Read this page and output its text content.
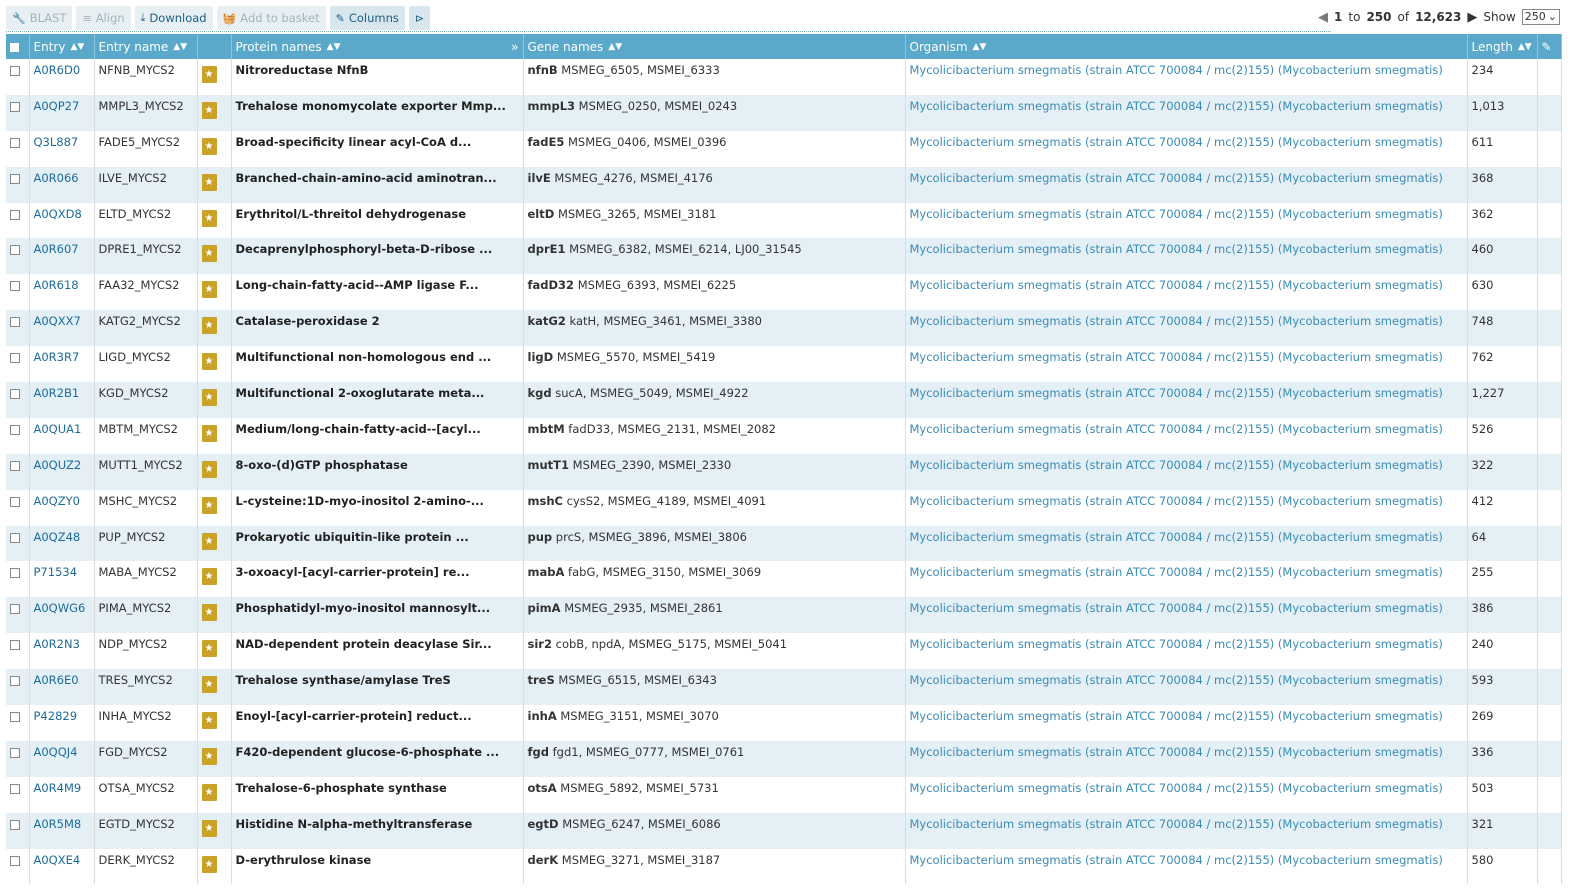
🔧 BLAST ≡ Align ⤓ Download 🧺 Add to basket ✎ Columns ⊳	◀ 1 to 250 of 12,623 ▶ Show 250 ⌄
	Entry ▲▼	Entry name ▲▼		Protein names ▲▼ »	Gene names ▲▼	Organism ▲▼	Length ▲▼	✎
	A0R6D0	NFNB_MYCS2	★	Nitroreductase NfnB	nfnB MSMEG_6505, MSMEI_6333	Mycolicibacterium smegmatis (strain ATCC 700084 / mc(2)155) (Mycobacterium smegmatis)	234	
	A0QP27	MMPL3_MYCS2	★	Trehalose monomycolate exporter Mmp...	mmpL3 MSMEG_0250, MSMEI_0243	Mycolicibacterium smegmatis (strain ATCC 700084 / mc(2)155) (Mycobacterium smegmatis)	1,013	
	Q3L887	FADE5_MYCS2	★	Broad-specificity linear acyl-CoA d...	fadE5 MSMEG_0406, MSMEI_0396	Mycolicibacterium smegmatis (strain ATCC 700084 / mc(2)155) (Mycobacterium smegmatis)	611	
	A0R066	ILVE_MYCS2	★	Branched-chain-amino-acid aminotran...	ilvE MSMEG_4276, MSMEI_4176	Mycolicibacterium smegmatis (strain ATCC 700084 / mc(2)155) (Mycobacterium smegmatis)	368	
	A0QXD8	ELTD_MYCS2	★	Erythritol/L-threitol dehydrogenase	eltD MSMEG_3265, MSMEI_3181	Mycolicibacterium smegmatis (strain ATCC 700084 / mc(2)155) (Mycobacterium smegmatis)	362	
	A0R607	DPRE1_MYCS2	★	Decaprenylphosphoryl-beta-D-ribose ...	dprE1 MSMEG_6382, MSMEI_6214, LJ00_31545	Mycolicibacterium smegmatis (strain ATCC 700084 / mc(2)155) (Mycobacterium smegmatis)	460	
	A0R618	FAA32_MYCS2	★	Long-chain-fatty-acid--AMP ligase F...	fadD32 MSMEG_6393, MSMEI_6225	Mycolicibacterium smegmatis (strain ATCC 700084 / mc(2)155) (Mycobacterium smegmatis)	630	
	A0QXX7	KATG2_MYCS2	★	Catalase-peroxidase 2	katG2 katH, MSMEG_3461, MSMEI_3380	Mycolicibacterium smegmatis (strain ATCC 700084 / mc(2)155) (Mycobacterium smegmatis)	748	
	A0R3R7	LIGD_MYCS2	★	Multifunctional non-homologous end ...	ligD MSMEG_5570, MSMEI_5419	Mycolicibacterium smegmatis (strain ATCC 700084 / mc(2)155) (Mycobacterium smegmatis)	762	
	A0R2B1	KGD_MYCS2	★	Multifunctional 2-oxoglutarate meta...	kgd sucA, MSMEG_5049, MSMEI_4922	Mycolicibacterium smegmatis (strain ATCC 700084 / mc(2)155) (Mycobacterium smegmatis)	1,227	
	A0QUA1	MBTM_MYCS2	★	Medium/long-chain-fatty-acid--[acyl...	mbtM fadD33, MSMEG_2131, MSMEI_2082	Mycolicibacterium smegmatis (strain ATCC 700084 / mc(2)155) (Mycobacterium smegmatis)	526	
	A0QUZ2	MUTT1_MYCS2	★	8-oxo-(d)GTP phosphatase	mutT1 MSMEG_2390, MSMEI_2330	Mycolicibacterium smegmatis (strain ATCC 700084 / mc(2)155) (Mycobacterium smegmatis)	322	
	A0QZY0	MSHC_MYCS2	★	L-cysteine:1D-myo-inositol 2-amino-...	mshC cysS2, MSMEG_4189, MSMEI_4091	Mycolicibacterium smegmatis (strain ATCC 700084 / mc(2)155) (Mycobacterium smegmatis)	412	
	A0QZ48	PUP_MYCS2	★	Prokaryotic ubiquitin-like protein ...	pup prcS, MSMEG_3896, MSMEI_3806	Mycolicibacterium smegmatis (strain ATCC 700084 / mc(2)155) (Mycobacterium smegmatis)	64	
	P71534	MABA_MYCS2	★	3-oxoacyl-[acyl-carrier-protein] re...	mabA fabG, MSMEG_3150, MSMEI_3069	Mycolicibacterium smegmatis (strain ATCC 700084 / mc(2)155) (Mycobacterium smegmatis)	255	
	A0QWG6	PIMA_MYCS2	★	Phosphatidyl-myo-inositol mannosylt...	pimA MSMEG_2935, MSMEI_2861	Mycolicibacterium smegmatis (strain ATCC 700084 / mc(2)155) (Mycobacterium smegmatis)	386	
	A0R2N3	NDP_MYCS2	★	NAD-dependent protein deacylase Sir...	sir2 cobB, npdA, MSMEG_5175, MSMEI_5041	Mycolicibacterium smegmatis (strain ATCC 700084 / mc(2)155) (Mycobacterium smegmatis)	240	
	A0R6E0	TRES_MYCS2	★	Trehalose synthase/amylase TreS	treS MSMEG_6515, MSMEI_6343	Mycolicibacterium smegmatis (strain ATCC 700084 / mc(2)155) (Mycobacterium smegmatis)	593	
	P42829	INHA_MYCS2	★	Enoyl-[acyl-carrier-protein] reduct...	inhA MSMEG_3151, MSMEI_3070	Mycolicibacterium smegmatis (strain ATCC 700084 / mc(2)155) (Mycobacterium smegmatis)	269	
	A0QQJ4	FGD_MYCS2	★	F420-dependent glucose-6-phosphate ...	fgd fgd1, MSMEG_0777, MSMEI_0761	Mycolicibacterium smegmatis (strain ATCC 700084 / mc(2)155) (Mycobacterium smegmatis)	336	
	A0R4M9	OTSA_MYCS2	★	Trehalose-6-phosphate synthase	otsA MSMEG_5892, MSMEI_5731	Mycolicibacterium smegmatis (strain ATCC 700084 / mc(2)155) (Mycobacterium smegmatis)	503	
	A0R5M8	EGTD_MYCS2	★	Histidine N-alpha-methyltransferase	egtD MSMEG_6247, MSMEI_6086	Mycolicibacterium smegmatis (strain ATCC 700084 / mc(2)155) (Mycobacterium smegmatis)	321	
	A0QXE4	DERK_MYCS2	★	D-erythrulose kinase	derK MSMEG_3271, MSMEI_3187	Mycolicibacterium smegmatis (strain ATCC 700084 / mc(2)155) (Mycobacterium smegmatis)	580	
